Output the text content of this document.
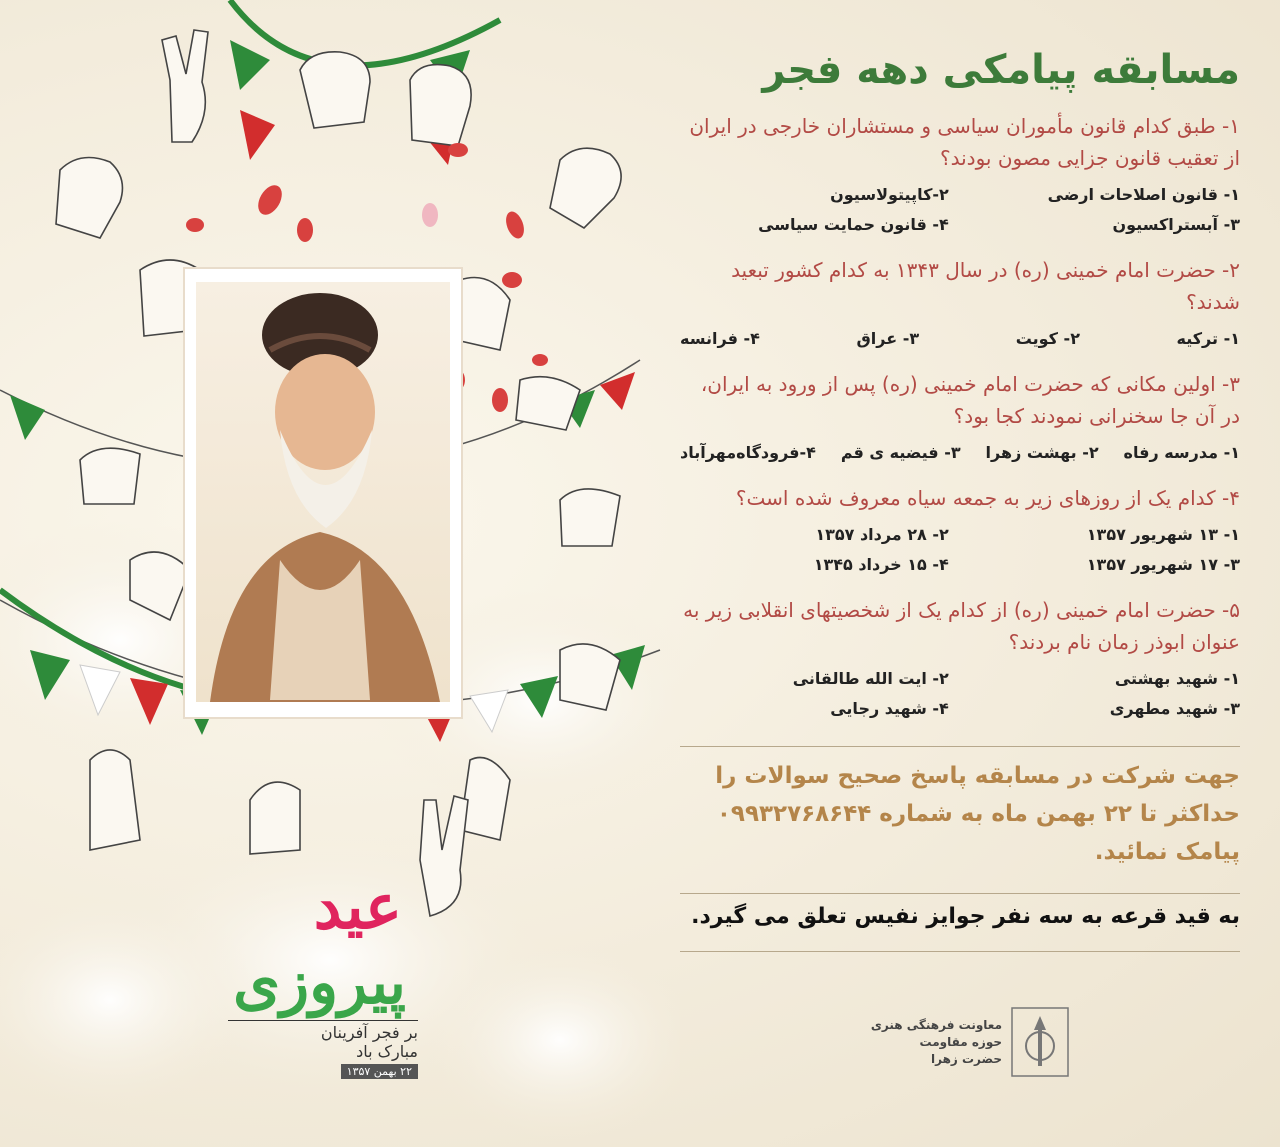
عید
پیروزی
بر فجر آفرینان
مبارک باد
۲۲ بهمن ۱۳۵۷
مسابقه پیامکی دهه فجر

۱- طبق کدام قانون مأموران سیاسی و مستشاران خارجی در ایران از تعقیب قانون جزایی مصون بودند؟

۱- قانون اصلاحات ارضی
۲-کاپیتولاسیون
۳- آبستراکسیون
۴- قانون حمایت سیاسی

۲- حضرت امام خمینی (ره) در سال ۱۳۴۳ به کدام کشور تبعید شدند؟

۱- ترکیه
۲- کویت
۳- عراق
۴- فرانسه

۳- اولین مکانی که حضرت امام خمینی (ره) پس از ورود به ایران، در آن جا سخنرانی نمودند کجا بود؟

۱- مدرسه رفاه
۲- بهشت زهرا
۳- فیضیه ی قم
۴-فرودگاه‌مهرآباد

۴- کدام یک از روزهای زیر به جمعه سیاه معروف شده است؟

۱- ۱۳ شهریور ۱۳۵۷
۲- ۲۸ مرداد ۱۳۵۷
۳- ۱۷ شهریور ۱۳۵۷
۴- ۱۵ خرداد ۱۳۴۵

۵- حضرت امام خمینی (ره) از کدام یک از شخصیتهای انقلابی زیر به عنوان ابوذر زمان نام بردند؟

۱- شهید بهشتی
۲- ایت الله طالقانی
۳- شهید مطهری
۴- شهید رجایی

جهت شرکت در مسابقه پاسخ صحیح سوالات را حداکثر تا ۲۲ بهمن ماه به شماره ۰۹۹۳۲۷۶۸۶۴۴ پیامک نمائید.

به قید قرعه به سه نفر جوایز نفیس تعلق می گیرد.

معاونت فرهنگی هنری
حوزه مقاومت
حضرت زهرا
